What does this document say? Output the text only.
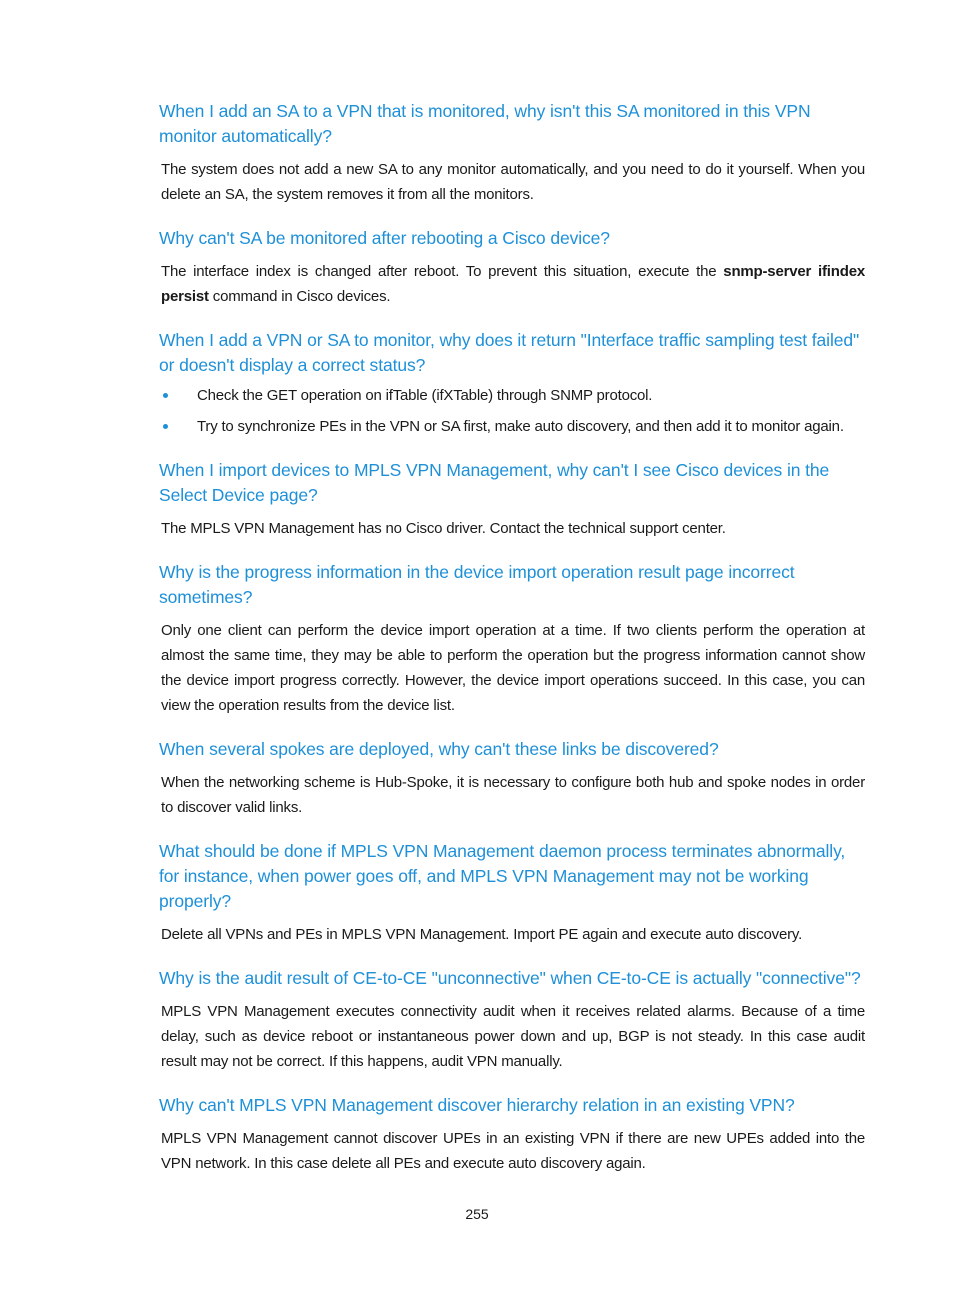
When I add an SA to a VPN that is monitored, why isn't this SA monitored in this VPN monitor automatically?

The system does not add a new SA to any monitor automatically, and you need to do it yourself. When you delete an SA, the system removes it from all the monitors.

Why can't SA be monitored after rebooting a Cisco device?

The interface index is changed after reboot. To prevent this situation, execute the snmp-server ifindex persist command in Cisco devices.

When I add a VPN or SA to monitor, why does it return "Interface traffic sampling test failed" or doesn't display a correct status?
Check the GET operation on ifTable (ifXTable) through SNMP protocol.
Try to synchronize PEs in the VPN or SA first, make auto discovery, and then add it to monitor again.
When I import devices to MPLS VPN Management, why can't I see Cisco devices in the Select Device page?

The MPLS VPN Management has no Cisco driver. Contact the technical support center.

Why is the progress information in the device import operation result page incorrect sometimes?

Only one client can perform the device import operation at a time. If two clients perform the operation at almost the same time, they may be able to perform the operation but the progress information cannot show the device import progress correctly. However, the device import operations succeed. In this case, you can view the operation results from the device list.

When several spokes are deployed, why can't these links be discovered?

When the networking scheme is Hub-Spoke, it is necessary to configure both hub and spoke nodes in order to discover valid links.

What should be done if MPLS VPN Management daemon process terminates abnormally, for instance, when power goes off, and MPLS VPN Management may not be working properly?

Delete all VPNs and PEs in MPLS VPN Management. Import PE again and execute auto discovery.

Why is the audit result of CE-to-CE "unconnective" when CE-to-CE is actually "connective"?

MPLS VPN Management executes connectivity audit when it receives related alarms. Because of a time delay, such as device reboot or instantaneous power down and up, BGP is not steady. In this case audit result may not be correct. If this happens, audit VPN manually.

Why can't MPLS VPN Management discover hierarchy relation in an existing VPN?

MPLS VPN Management cannot discover UPEs in an existing VPN if there are new UPEs added into the VPN network. In this case delete all PEs and execute auto discovery again.

255
